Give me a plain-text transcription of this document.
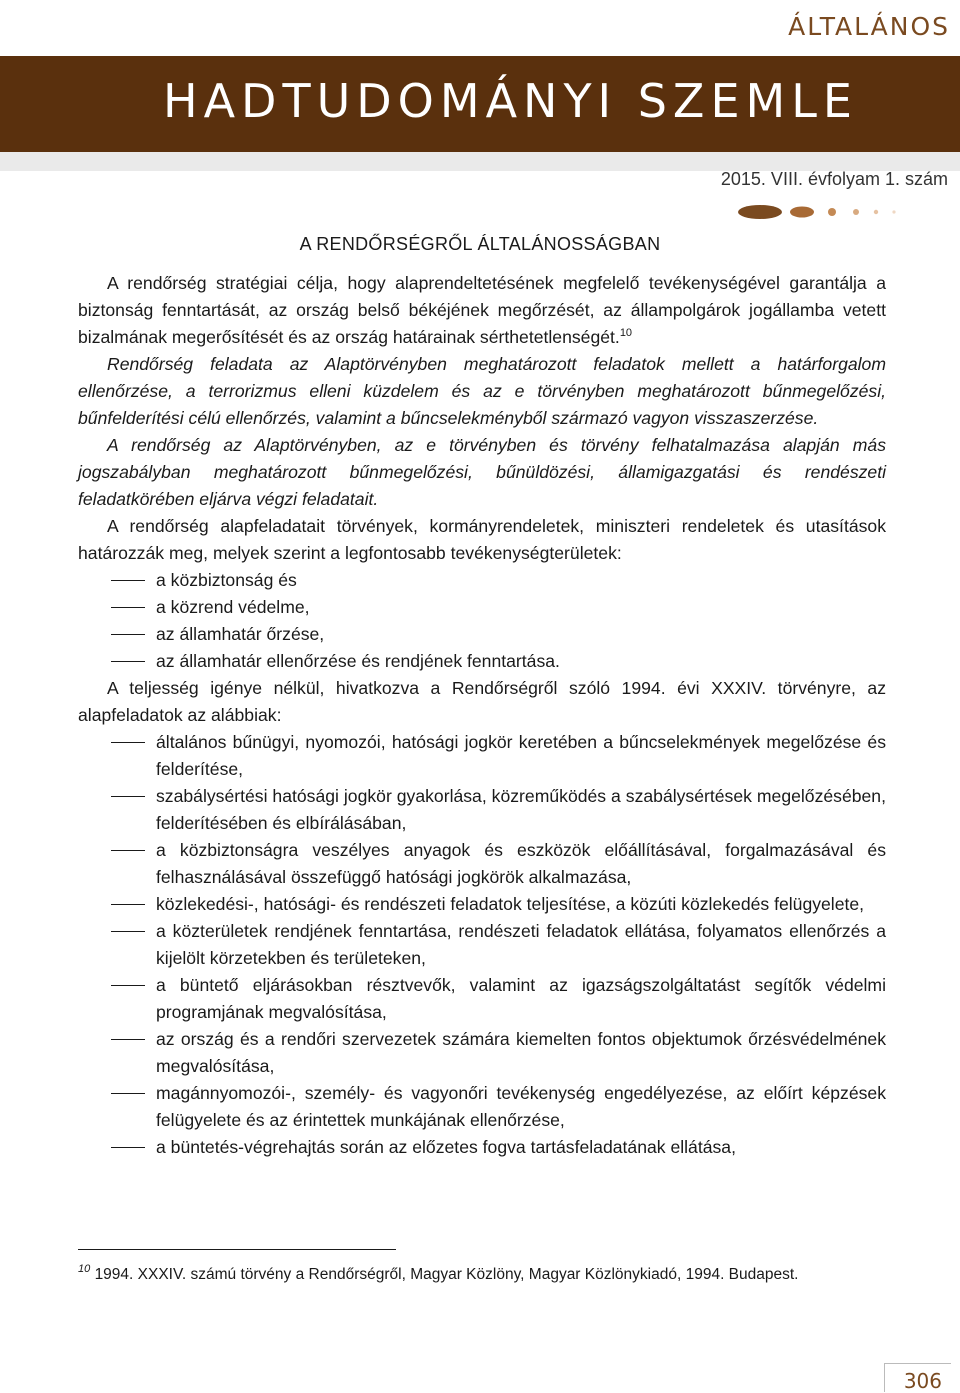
ÁLTALÁNOS
HADTUDOMÁNYI SZEMLE
2015. VIII. évfolyam 1. szám
A RENDŐRSÉGRŐL ÁLTALÁNOSSÁGBAN

A rendőrség stratégiai célja, hogy alaprendeltetésének megfelelő tevékenységével garantálja a biztonság fenntartását, az ország belső békéjének megőrzését, az állampolgárok jogállamba vetett bizalmának megerősítését és az ország határainak sérthetetlenségét.$^{10}$

Rendőrség feladata az Alaptörvényben meghatározott feladatok mellett a határforgalom ellenőrzése, a terrorizmus elleni küzdelem és az e törvényben meghatározott bűnmegelőzési, bűnfelderítési célú ellenőrzés, valamint a bűncselekményből származó vagyon visszaszerzése.

A rendőrség az Alaptörvényben, az e törvényben és törvény felhatalmazása alapján más jogszabályban meghatározott bűnmegelőzési, bűnüldözési, államigazgatási és rendészeti feladatkörében eljárva végzi feladatait.

A rendőrség alapfeladatait törvények, kormányrendeletek, miniszteri rendeletek és utasítások határozzák meg, melyek szerint a legfontosabb tevékenységterületek:

a közbiztonság és
a közrend védelme,
az államhatár őrzése,
az államhatár ellenőrzése és rendjének fenntartása.

A teljesség igénye nélkül, hivatkozva a Rendőrségről szóló 1994. évi XXXIV. törvényre, az alapfeladatok az alábbiak:

általános bűnügyi, nyomozói, hatósági jogkör keretében a bűncselekmények megelőzése és felderítése,
szabálysértési hatósági jogkör gyakorlása, közreműködés a szabálysértések megelőzésében, felderítésében és elbírálásában,
a közbiztonságra veszélyes anyagok és eszközök előállításával, forgalmazásával és felhasználásával összefüggő hatósági jogkörök alkalmazása,
közlekedési-, hatósági- és rendészeti feladatok teljesítése, a közúti közlekedés felügyelete,
a közterületek rendjének fenntartása, rendészeti feladatok ellátása, folyamatos ellenőrzés a kijelölt körzetekben és területeken,
a büntető eljárásokban résztvevők, valamint az igazságszolgáltatást segítők védelmi programjának megvalósítása,
az ország és a rendőri szervezetek számára kiemelten fontos objektumok őrzésvédelmének megvalósítása,
magánnyomozói-, személy- és vagyonőri tevékenység engedélyezése, az előírt képzések felügyelete és az érintettek munkájának ellenőrzése,
a büntetés-végrehajtás során az előzetes fogva tartásfeladatának ellátása,
$^{10}$ 1994. XXXIV. számú törvény a Rendőrségről, Magyar Közlöny, Magyar Közlönykiadó, 1994. Budapest.
306
